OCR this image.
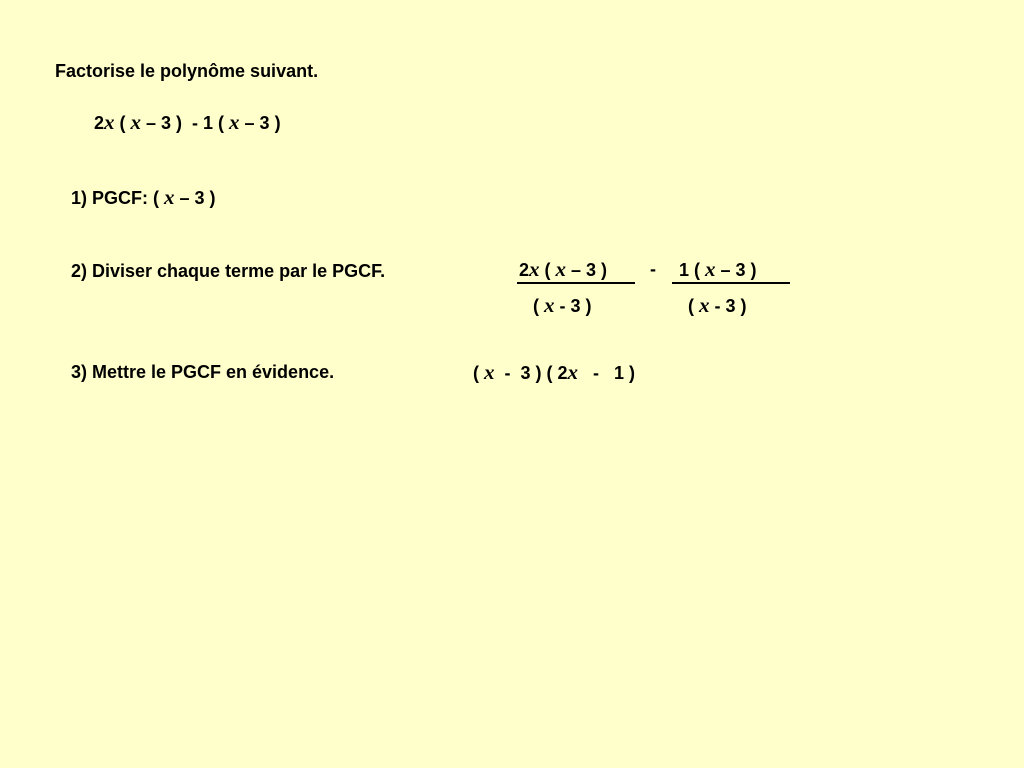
Factorise le polynôme suivant.
2x ( x – 3 )  - 1 ( x – 3 )
1) PGCF: ( x – 3 )
2) Diviser chaque terme par le PGCF.	2x ( x – 3 ) - 1 ( x – 3 )
( x - 3 )	( x - 3 )
3) Mettre le PGCF en évidence.	( x  -  3 ) ( 2x   -   1 )
